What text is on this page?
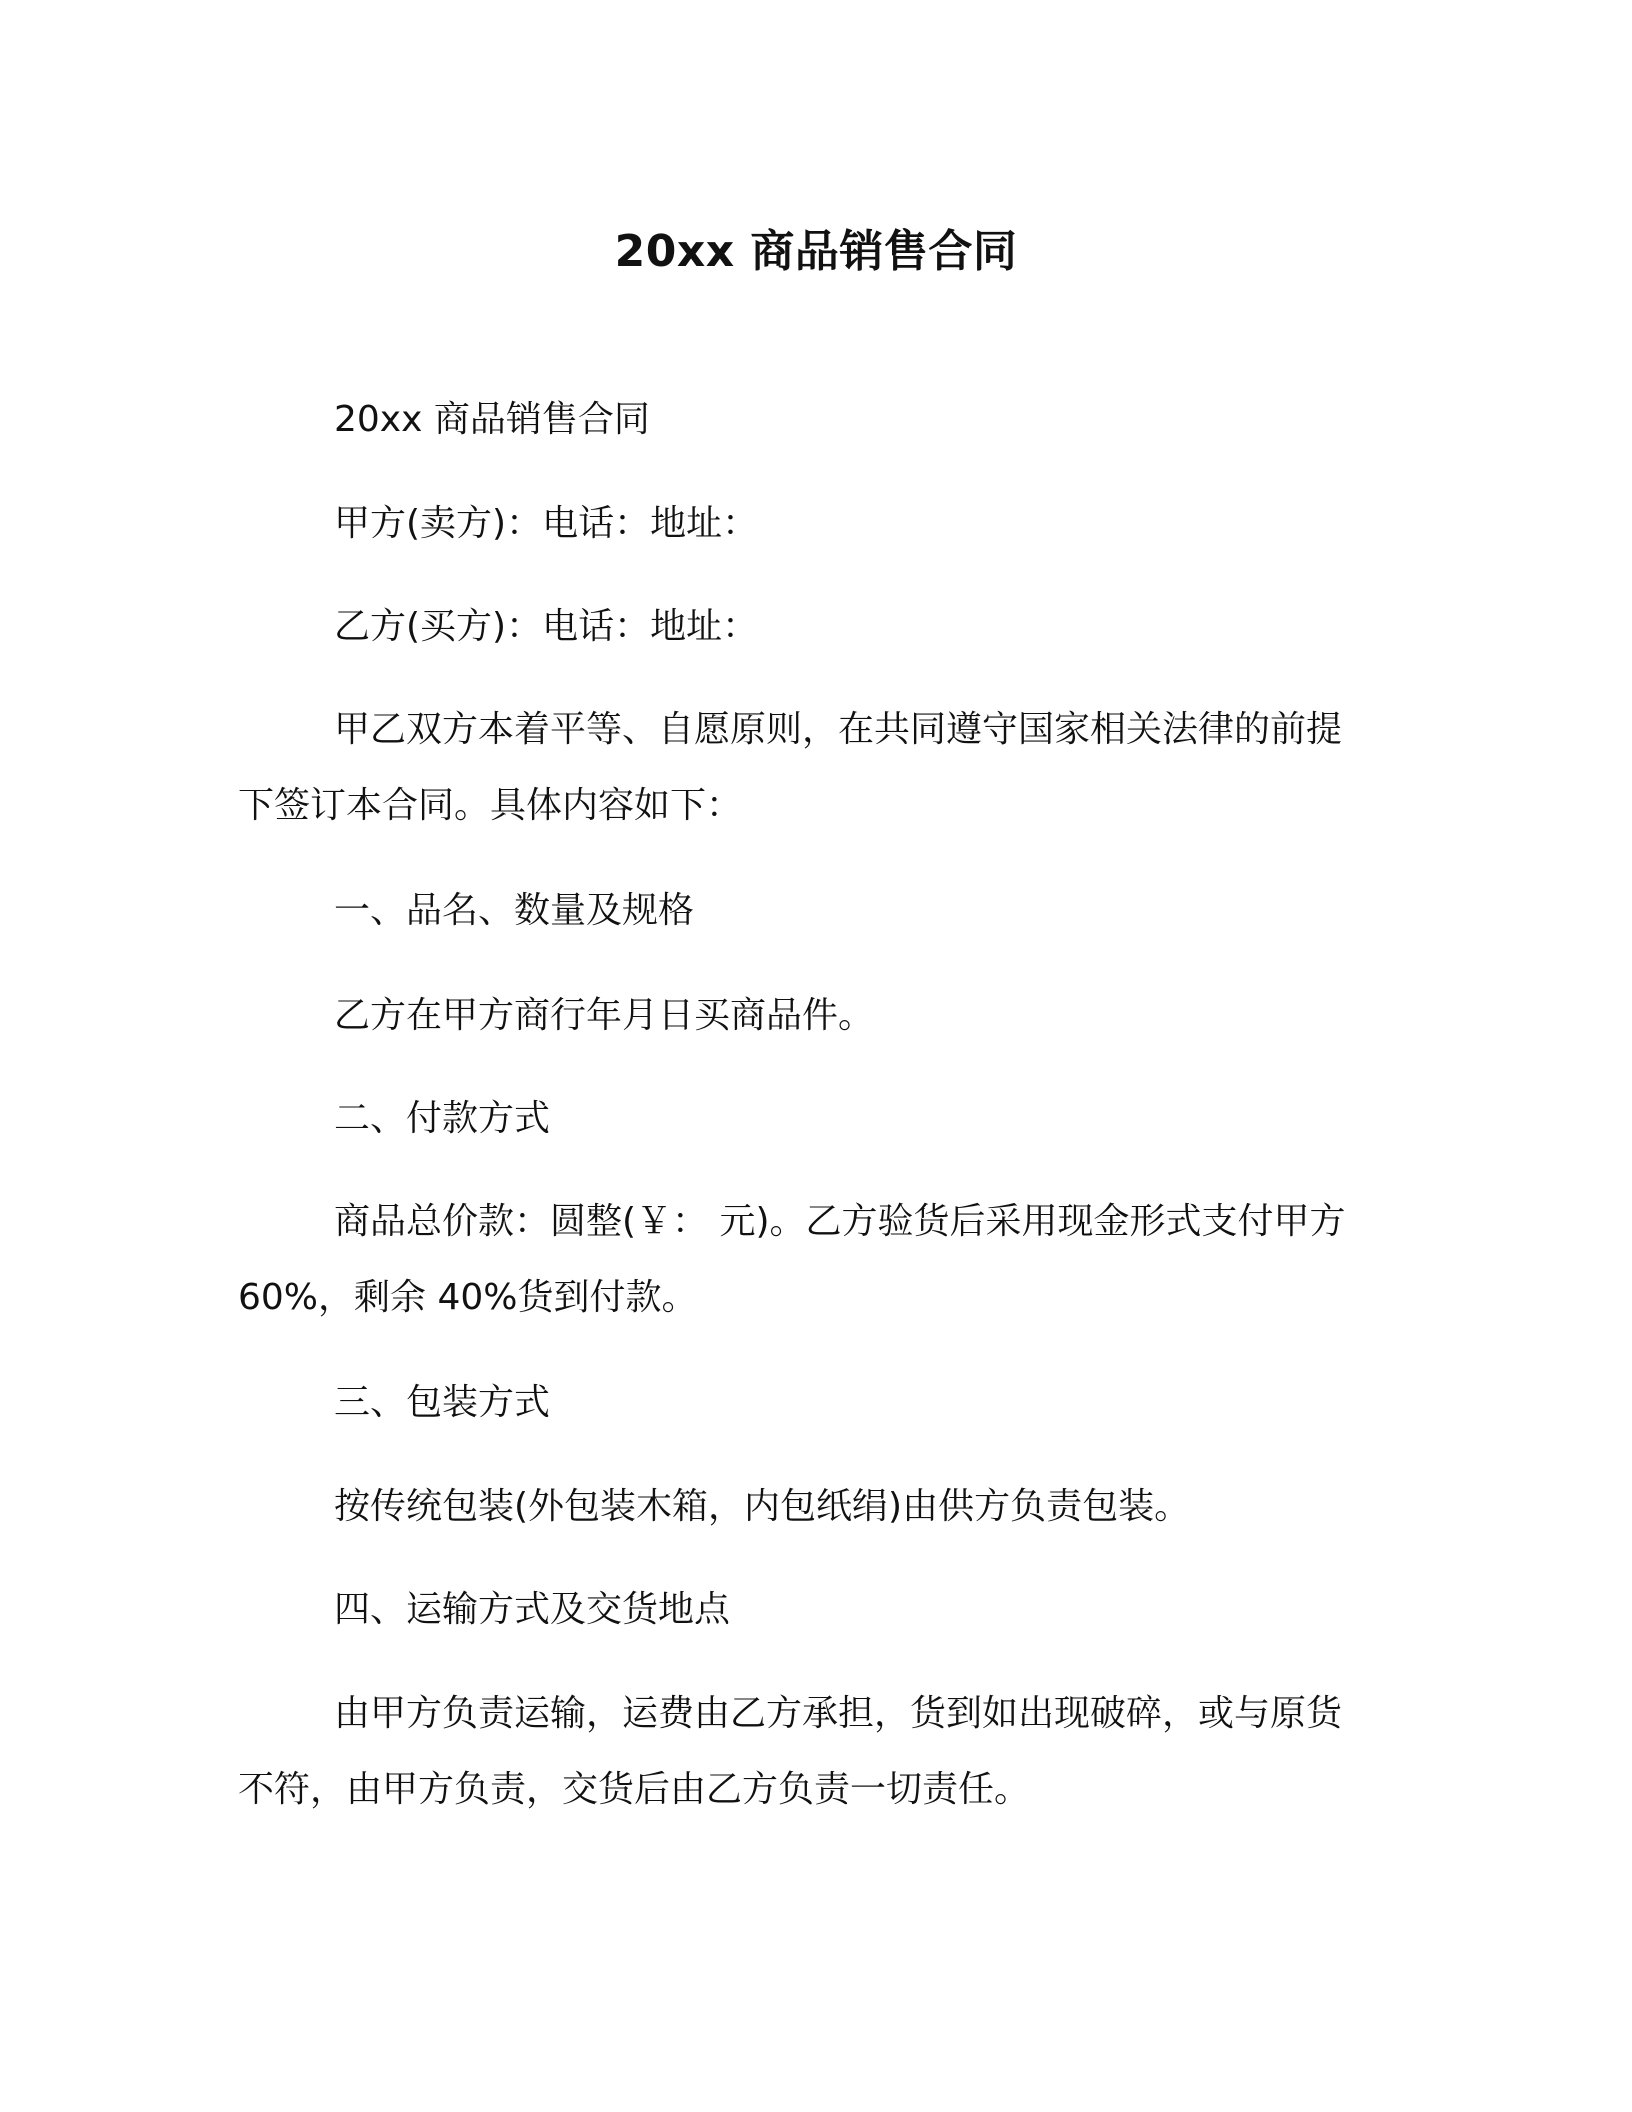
20xx 商品销售合同
20xx 商品销售合同
甲方(卖方)：电话：地址：
乙方(买方)：电话：地址：
甲乙双方本着平等、自愿原则，在共同遵守国家相关法律的前提
下签订本合同。具体内容如下：
一、品名、数量及规格
乙方在甲方商行年月日买商品件。
二、付款方式
商品总价款：圆整(￥： 元)。乙方验货后采用现金形式支付甲方
60%，剩余 40%货到付款。
三、包装方式
按传统包装(外包装木箱，内包纸绢)由供方负责包装。
四、运输方式及交货地点
由甲方负责运输，运费由乙方承担，货到如出现破碎，或与原货
不符，由甲方负责，交货后由乙方负责一切责任。
